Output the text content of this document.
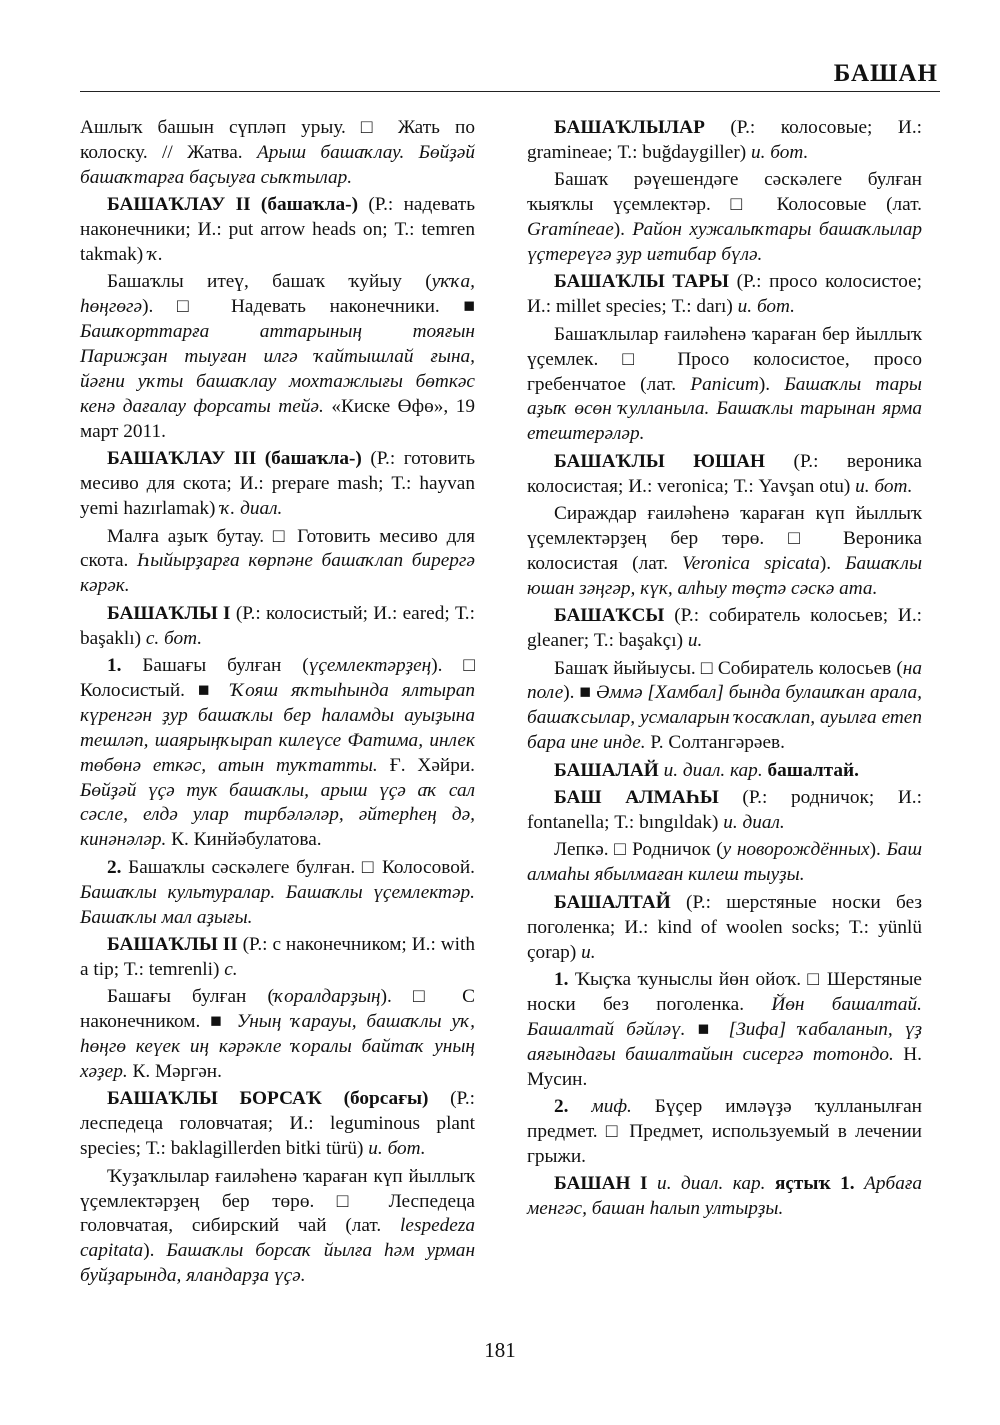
БАШАН

Ашлыҡ башын сүпләп урыу. □ Жать по колоску. // Жатва. Арыш башаҡлау. Бөйҙәй башаҡтарға баҫыуға сыҡтылар.

БАШАҠЛАУ II (башаҡла-) (Р.: надевать наконечники; И.: put arrow heads on; Т.: temren takmak) ҡ.

Башаҡлы итеү, башаҡ ҡуйыу (уҡҡа, һөңгөгә). □ Надевать наконечники. ■ Башҡорттарға аттарының тояғын Парижҙан тыуған илгә ҡайтышлай ғына, йәғни уҡты башаҡлау мохтажлығы бөткәс кенә дағалау форсаты тейә. «Киске Өфө», 19 март 2011.

БАШАҠЛАУ III (башаҡла-) (Р.: готовить месиво для скота; И.: prepare mash; Т.: hayvan yemi hazırlamak) ҡ. диал.

Малға аҙыҡ бутау. □ Готовить месиво для скота. Һыйырҙарға көрпәне башаҡлап бирергә кәрәк.

БАШАҠЛЫ I (Р.: колосистый; И.: eared; Т.: başaklı) с. бот.

1. Башағы булған (үҫемлектәрҙең). □ Колосистый. ■ Ҡояш яҡтыһында ялтырап күренгән ҙур башаҡлы бер һаламды ауыҙына тешләп, шаярыңҡырап килеүсе Фатима, инлек төбөнә еткәс, атын туҡтатты. Ғ. Хәйри. Бөйҙәй үҫә тук башаҡлы, арыш үҫә аҡ сал сәсле, елдә улар тирбәләләр, әйтерһең дә, кинәнәләр. К. Кинйәбулатова.

2. Башаҡлы сәскәлеге булған. □ Колосовой. Башаҡлы культуралар. Башаҡлы үҫемлектәр. Башаҡлы мал аҙығы.

БАШАҠЛЫ II (Р.: с наконечником; И.: with a tip; Т.: temrenli) с.

Башағы булған (ҡоралдарҙың). □ С наконечником. ■ Уның ҡарауы, башаҡлы уҡ, һөңгө кеүек иң кәрәкле ҡоралы байтаҡ уның хәҙер. К. Мәргән.

БАШАҠЛЫ БОРСАҠ (борсағы) (Р.: леспедеца головчатая; И.: leguminous plant species; Т.: baklagillerden bitki türü) и. бот.

Ҡуҙаҡлылар ғаиләһенә ҡараған күп йыллыҡ үҫемлектәрҙең бер төрө. □ Леспедеца головчатая, сибирский чай (лат. lespedeza capitata). Башаҡлы борсаҡ йылға һәм урман буйҙарында, яландарҙа үҫә.

БАШАҠЛЫЛАР (Р.: колосовые; И.: gramineae; Т.: buğdaygiller) и. бот.

Башаҡ рәүешендәге сәскәлеге булған ҡыяҡлы үҫемлектәр. □ Колосовые (лат. Gramíneae). Район хужалыҡтары башаҡлылар үҫтереүгә ҙур иғтибар бүлә.

БАШАҠЛЫ ТАРЫ (Р.: просо колосистое; И.: millet species; Т.: darı) и. бот.

Башаҡлылар ғаиләһенә ҡараған бер йыллыҡ үҫемлек. □ Просо колосистое, просо гребенчатое (лат. Panicum). Башаҡлы тары аҙыҡ өсөн ҡулланыла. Башаҡлы тарынан ярма етештерәләр.

БАШАҠЛЫ ЮШАН (Р.: вероника колосистая; И.: veronica; Т.: Yavşan otu) и. бот.

Сираждар ғаиләһенә ҡараған күп йыллыҡ үҫемлектәрҙең бер төрө. □ Вероника колосистая (лат. Veronica spicata). Башаҡлы юшан зәңгәр, күк, алһыу төҫтә сәскә ата.

БАШАҠСЫ (Р.: собиратель колосьев; И.: gleaner; Т.: başakçı) и.

Башаҡ йыйыусы. □ Собиратель колосьев (на поле). ■ Әммә [Хамбал] бында булашҡан арала, башаҡсылар, усмаларын ҡосаҡлап, ауылға етеп бара ине инде. Р. Солтангәрәев.

БАШАЛАЙ и. диал. кар. башалтай.

БАШ АЛМАҺЫ (Р.: родничок; И.: fontanella; Т.: bıngıldak) и. диал.

Лепкә. □ Родничок (у новорождённых). Баш алмаһы ябылмаған килеш тыуҙы.

БАШАЛТАЙ (Р.: шерстяные носки без поголенка; И.: kind of woolen socks; Т.: yünlü çorap) и.

1. Ҡыҫҡа ҡуныслы йөн ойоҡ. □ Шерстяные носки без поголенка. Йөн башалтай. Башалтай бәйләү. ■ [Зифа] ҡабаланып, үҙ аяғындағы башалтайын сисергә тотондо. Н. Мусин.

2. миф. Бүҫер имләүҙә ҡулланылған предмет. □ Предмет, используемый в лечении грыжи.

БАШАН I и. диал. кар. яҫтыҡ 1. Арбаға менгәс, башан һалып ултырҙы.

181
